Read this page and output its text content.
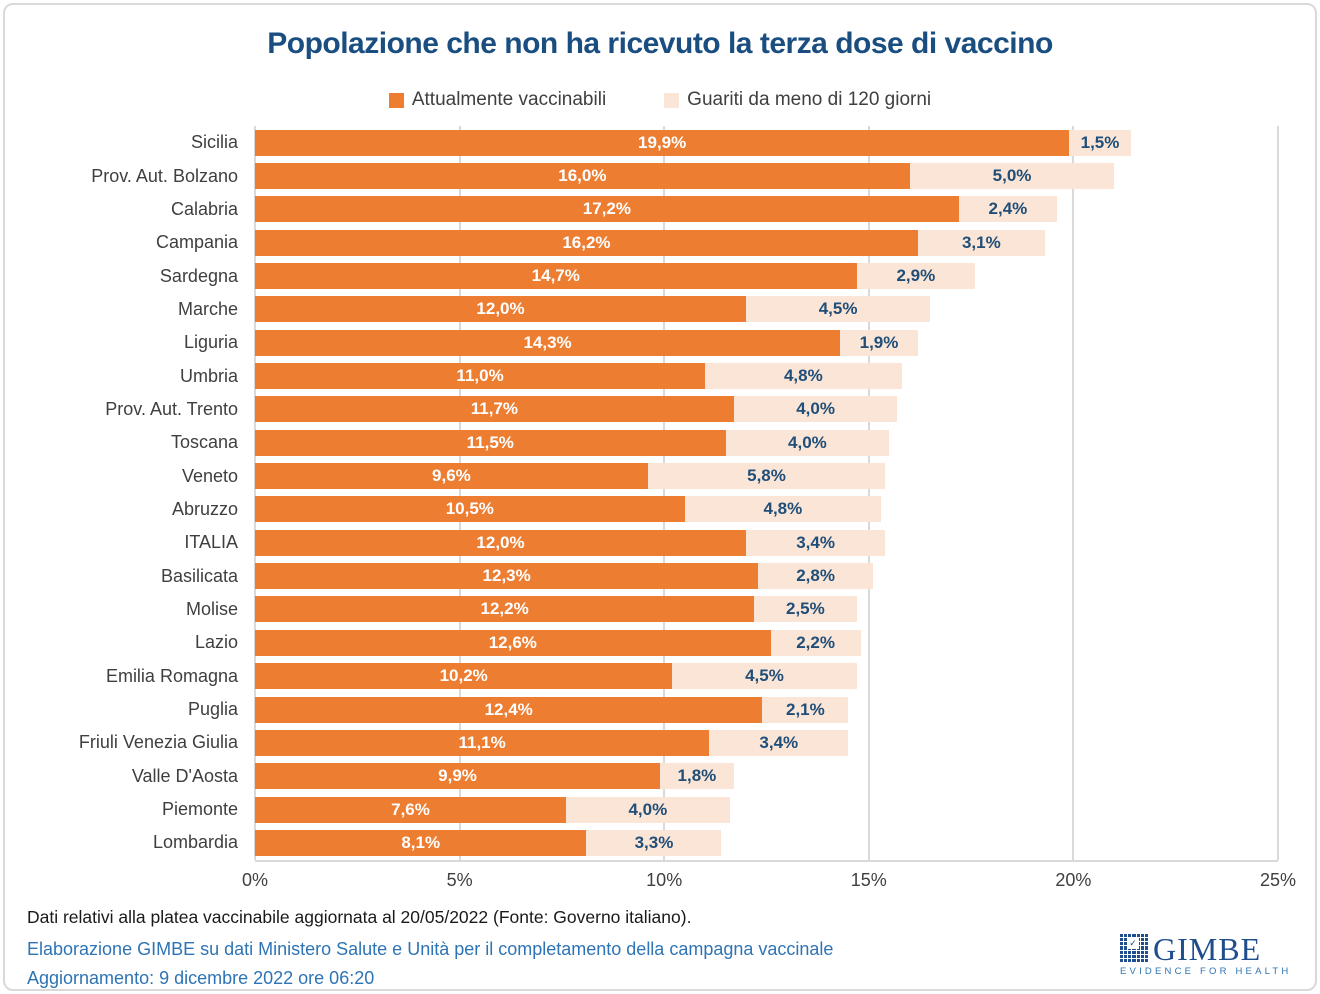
Popolazione che non ha ricevuto la terza dose di vaccino
Attualmente vaccinabili	Guariti da meno di 120 giorni
Sicilia	19,9%	1,5%
Prov. Aut. Bolzano	16,0%	5,0%
Calabria	17,2%	2,4%
Campania	16,2%	3,1%
Sardegna	14,7%	2,9%
Marche	12,0%	4,5%
Liguria	14,3%	1,9%
Umbria	11,0%	4,8%
Prov. Aut. Trento	11,7%	4,0%
Toscana	11,5%	4,0%
Veneto	9,6%	5,8%
Abruzzo	10,5%	4,8%
ITALIA	12,0%	3,4%
Basilicata	12,3%	2,8%
Molise	12,2%	2,5%
Lazio	12,6%	2,2%
Emilia Romagna	10,2%	4,5%
Puglia	12,4%	2,1%
Friuli Venezia Giulia	11,1%	3,4%
Valle D'Aosta	9,9%	1,8%
Piemonte	7,6%	4,0%
Lombardia	8,1%	3,3%
0%	5%	10%	15%	20%	25%
Dati relativi alla platea vaccinabile aggiornata al 20/05/2022 (Fonte: Governo italiano).
Elaborazione GIMBE su dati Ministero Salute e Unità per il completamento della campagna vaccinale
Aggiornamento: 9 dicembre 2022 ore 06:20
✓ GIMBE
EVIDENCE FOR HEALTH
